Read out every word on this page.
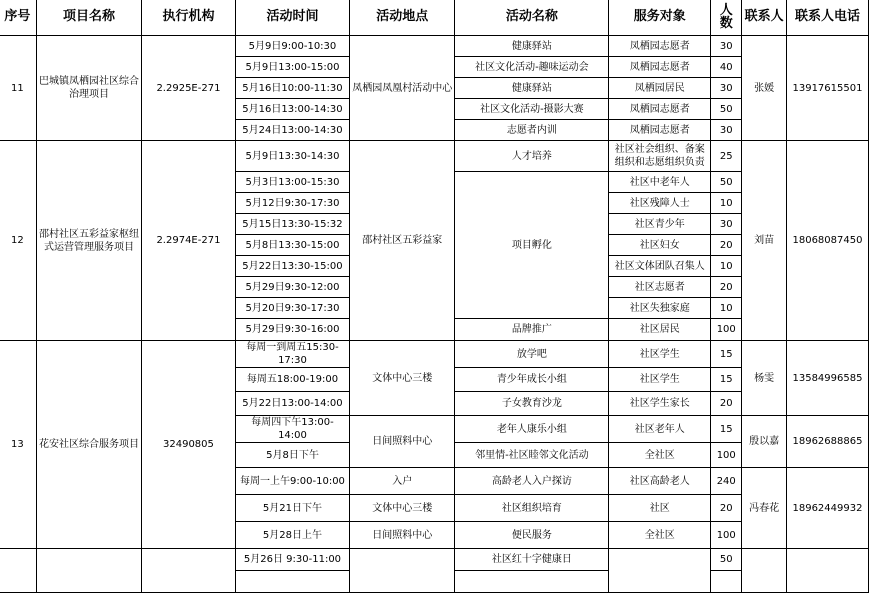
序号	项目名称	执行机构	活动时间	活动地点	活动名称	服务对象	人数	联系人	联系人电话
11	巴城镇凤栖园社区综合治理项目	2.2925E-271	5月9日9:00-10:30	凤栖园凤凰村活动中心	健康驿站	凤栖园志愿者	30	张媛	13917615501
			5月9日13:00-15:00		社区文化活动-趣味运动会	凤栖园志愿者	40		
			5月16日10:00-11:30		健康驿站	凤栖园居民	30		
			5月16日13:00-14:30		社区文化活动-摄影大赛	凤栖园志愿者	50		
			5月24日13:00-14:30		志愿者内训	凤栖园志愿者	30		
12	邵村社区五彩益家枢纽式运营管理服务项目	2.2974E-271	5月9日13:30-14:30	邵村社区五彩益家	人才培养	社区社会组织、备案组织和志愿组织负责	25	刘苗	18068087450
			5月3日13:00-15:30		项目孵化	社区中老年人	50		
			5月12日9:30-17:30			社区残障人士	10		
			5月15日13:30-15:32			社区青少年	30		
			5月8日13:30-15:00			社区妇女	20		
			5月22日13:30-15:00			社区文体团队召集人	10		
			5月29日9:30-12:00			社区志愿者	20		
			5月20日9:30-17:30			社区失独家庭	10		
			5月29日9:30-16:00		品牌推广	社区居民	100		
13	花安社区综合服务项目	32490805	每周一到周五15:30-17:30	文体中心三楼	放学吧	社区学生	15	杨雯	13584996585
			每周五18:00-19:00		青少年成长小组	社区学生	15		
			5月22日13:00-14:00		子女教育沙龙	社区学生家长	20		
			每周四下午13:00-14:00	日间照料中心	老年人康乐小组	社区老年人	15	殷以嘉	18962688865
			5月8日下午		邻里情-社区睦邻文化活动	全社区	100		
			每周一上午9:00-10:00	入户	高龄老人入户探访	社区高龄老人	240	冯春花	18962449932
			5月21日下午	文体中心三楼	社区组织培育	社区	20		
			5月28日上午	日间照料中心	便民服务	全社区	100		
			5月26日 9:30-11:00		社区红十字健康日		50		
